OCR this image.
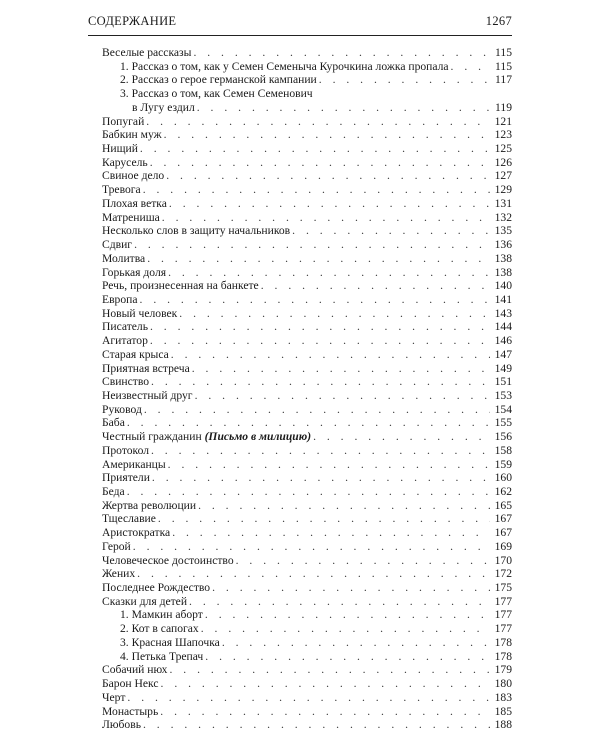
СОДЕРЖАНИЕ	1267
Веселые рассказы . . .	115
1. Рассказ о том, как у Семен Семеныча Курочкина ложка пропала . . .	115
2. Рассказ о герое германской кампании . . .	117
3. Рассказ о том, как Семен Семенович
в Лугу ездил . . .	119
Попугай . . .	121
Бабкин муж . . .	123
Нищий . . .	125
Карусель . . .	126
Свиное дело . . .	127
Тревога . . .	129
Плохая ветка . . .	131
Матрениша . . .	132
Несколько слов в защиту начальников . . .	135
Сдвиг . . .	136
Молитва . . .	138
Горькая доля . . .	138
Речь, произнесенная на банкете . . .	140
Европа . . .	141
Новый человек . . .	143
Писатель . . .	144
Агитатор . . .	146
Старая крыса . . .	147
Приятная встреча . . .	149
Свинство . . .	151
Неизвестный друг . . .	153
Руковод . . .	154
Баба . . .	155
Честный гражданин (Письмо в милицию) . . .	156
Протокол . . .	158
Американцы . . .	159
Приятели . . .	160
Беда . . .	162
Жертва революции . . .	165
Тщеславие . . .	167
Аристократка . . .	167
Герой . . .	169
Человеческое достоинство . . .	170
Жених . . .	172
Последнее Рождество . . .	175
Сказки для детей . . .	177
1. Мамкин аборт . . .	177
2. Кот в сапогах . . .	177
3. Красная Шапочка . . .	178
4. Петька Трепач . . .	178
Собачий нюх . . .	179
Барон Некс . . .	180
Черт . . .	183
Монастырь . . .	185
Любовь . . .	188
